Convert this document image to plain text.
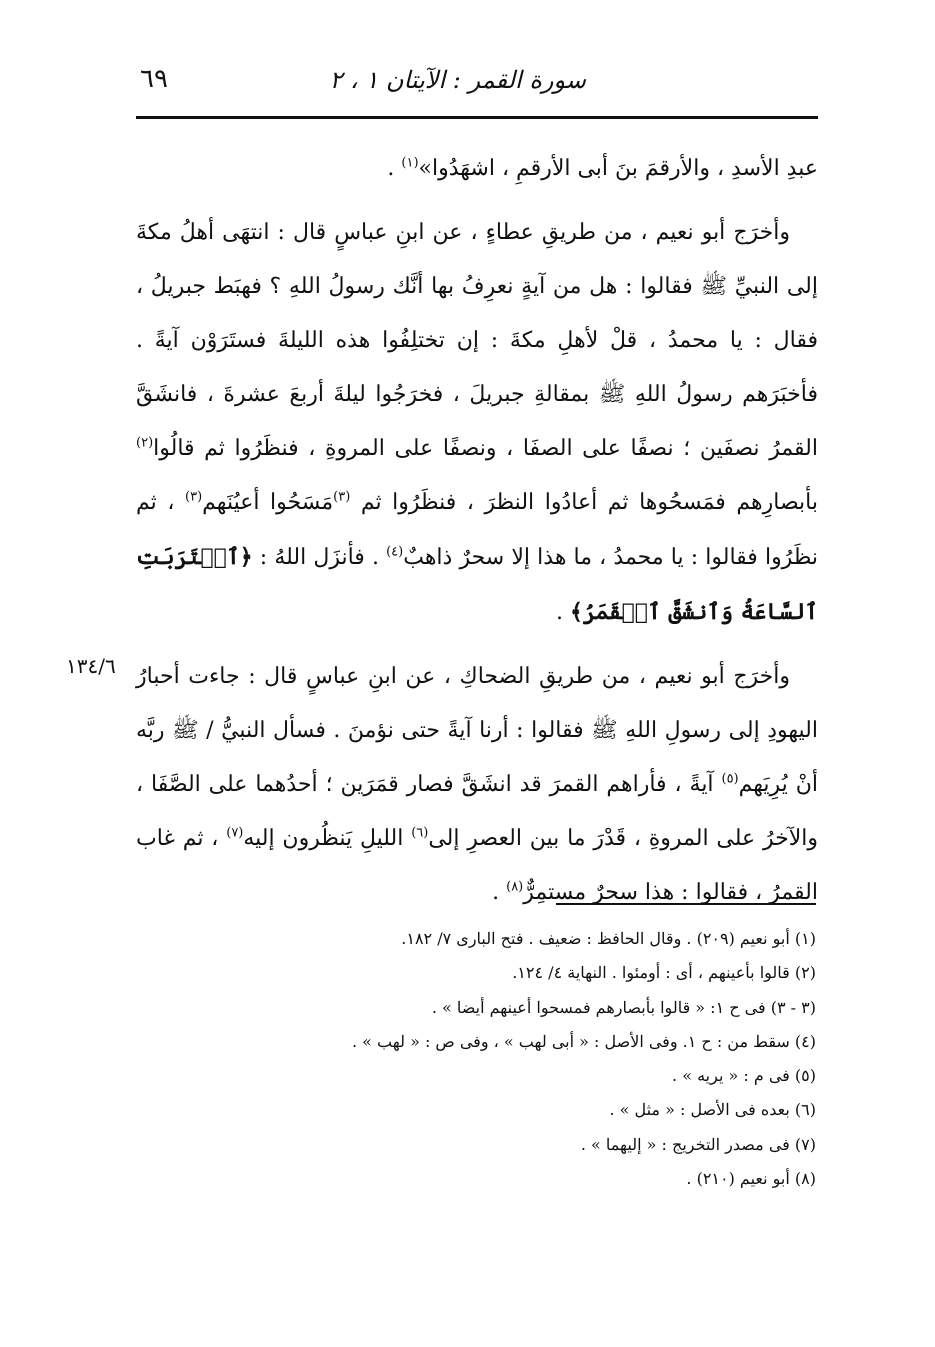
سورة القمر : الآيتان ١ ، ٢
٦٩

عبدِ الأسدِ ، والأرقمَ بنَ أبى الأرقمِ ، اشهَدُوا»$^{(١)}$ .

وأخرَج أبو نعيم ، من طريقِ عطاءٍ ، عن ابنِ عباسٍ قال : انتهَى أهلُ مكةَ إلى النبيِّ ﷺ فقالوا : هل من آيةٍ نعرِفُ بها أنَّك رسولُ اللهِ ؟ فهبَط جبريلُ ، فقال : يا محمدُ ، قلْ لأهلِ مكةَ : إن تختلِفُوا هذه الليلةَ فستَرَوْن آيةً . فأخبَرَهم رسولُ اللهِ ﷺ بمقالةِ جبريلَ ، فخرَجُوا ليلةَ أربعَ عشرةَ ، فانشَقَّ القمرُ نصفَين ؛ نصفًا على الصفَا ، ونصفًا على المروةِ ، فنظَرُوا ثم قالُوا$^{(٢)}$ بأبصارِهم فمَسحُوها ثم أعادُوا النظرَ ، فنظَرُوا ثم $^{(٣)}$مَسَحُوا أعيُنَهم$^{(٣)}$ ، ثم نظَرُوا فقالوا : يا محمدُ ، ما هذا إلا سحرٌ ذاهبٌ$^{(٤)}$ . فأنزَل اللهُ : ﴿ٱقۡتَرَبَتِ ٱلسَّاعَةُ وَٱنشَقَّ ٱلۡقَمَرُ﴾ .

وأخرَج أبو نعيم ، من طريقِ الضحاكِ ، عن ابنِ عباسٍ قال : جاءت أحبارُ اليهودِ إلى رسولِ اللهِ ﷺ فقالوا : أرنا آيةً حتى نؤمنَ . فسأل النبيُّ / ﷺ ربَّه أنْ يُرِيَهم$^{(٥)}$ آيةً ، فأراهم القمرَ قد انشَقَّ فصار قمَرَين ؛ أحدُهما على الصَّفَا ، والآخرُ على المروةِ ، قَدْرَ ما بين العصرِ إلى$^{(٦)}$ الليلِ يَنظُرون إليه$^{(٧)}$ ، ثم غاب القمرُ ، فقالوا : هذا سحرٌ مستمِرٌّ$^{(٨)}$ .

١٣٤/٦
(١) أبو نعيم (٢٠٩) . وقال الحافظ : ضعيف . فتح البارى ٧/ ١٨٢.
(٢) قالوا بأعينهم ، أى : أومئوا . النهاية ٤/ ١٢٤.
(٣ - ٣) فى ح ١: « قالوا بأبصارهم فمسحوا أعينهم أيضا » .
(٤) سقط من : ح ١. وفى الأصل : « أبى لهب » ، وفى ص : « لهب » .
(٥) فى م : « يريه » .
(٦) بعده فى الأصل : « مثل » .
(٧) فى مصدر التخريج : « إليهما » .
(٨) أبو نعيم (٢١٠) .
